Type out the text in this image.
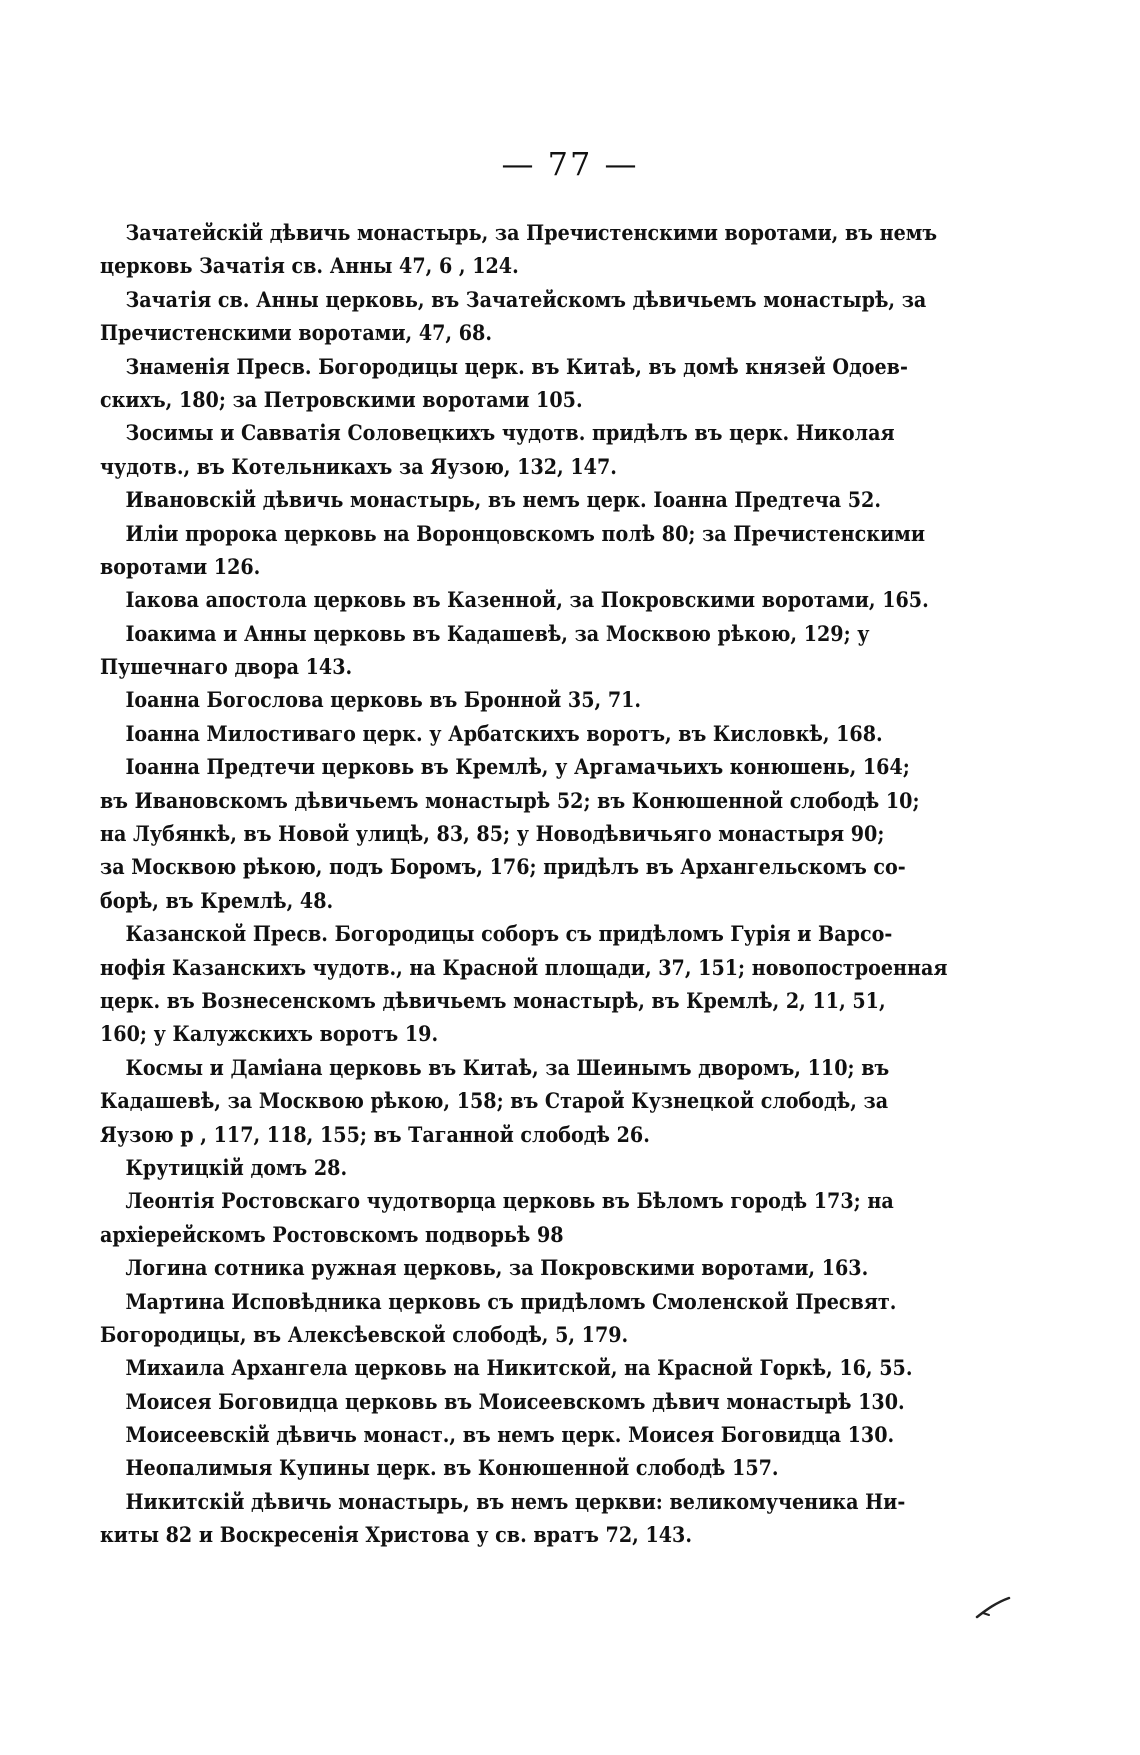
— 77 —

Зачатейскій дѣвичь монастырь, за Пречистенскими воротами, въ немъ
церковь Зачатія св. Анны 47, 6 , 124.

Зачатія св. Анны церковь, въ Зачатейскомъ дѣвичьемъ монастырѣ, за
Пречистенскими воротами, 47, 68.

Знаменія Пресв. Богородицы церк. въ Китаѣ, въ домѣ князей Одоев-
скихъ, 180; за Петровскими воротами 105.

Зосимы и Савватія Соловецкихъ чудотв. придѣлъ въ церк. Николая
чудотв., въ Котельникахъ за Яузою, 132, 147.

Ивановскій дѣвичь монастырь, въ немъ церк. Іоанна Предтеча 52.

Иліи пророка церковь на Воронцовскомъ полѣ 80; за Пречистенскими
воротами 126.

Іакова апостола церковь въ Казенной, за Покровскими воротами, 165.

Іоакима и Анны церковь въ Кадашевѣ, за Москвою рѣкою, 129; у
Пушечнаго двора 143.

Іоанна Богослова церковь въ Бронной 35, 71.

Іоанна Милостиваго церк. у Арбатскихъ воротъ, въ Кисловкѣ, 168.

Іоанна Предтечи церковь въ Кремлѣ, у Аргамачьихъ конюшень, 164;
въ Ивановскомъ дѣвичьемъ монастырѣ 52; въ Конюшенной слободѣ 10;
на Лубянкѣ, въ Новой улицѣ, 83, 85; у Новодѣвичьяго монастыря 90;
за Москвою рѣкою, подъ Боромъ, 176; придѣлъ въ Архангельскомъ со-
борѣ, въ Кремлѣ, 48.

Казанской Пресв. Богородицы соборъ съ придѣломъ Гурія и Варсо-
нофія Казанскихъ чудотв., на Красной площади, 37, 151; новопостроенная
церк. въ Вознесенскомъ дѣвичьемъ монастырѣ, въ Кремлѣ, 2, 11, 51,
160; у Калужскихъ воротъ 19.

Космы и Даміана церковь въ Китаѣ, за Шеинымъ дворомъ, 110; въ
Кадашевѣ, за Москвою рѣкою, 158; въ Старой Кузнецкой слободѣ, за
Яузою р , 117, 118, 155; въ Таганной слободѣ 26.

Крутицкій домъ 28.

Леонтія Ростовскаго чудотворца церковь въ Бѣломъ городѣ 173; на
архіерейскомъ Ростовскомъ подворьѣ 98

Логина сотника ружная церковь, за Покровскими воротами, 163.

Мартина Исповѣдника церковь съ придѣломъ Смоленской Пресвят.
Богородицы, въ Алексѣевской слободѣ, 5, 179.

Михаила Архангела церковь на Никитской, на Красной Горкѣ, 16, 55.

Моисея Боговидца церковь въ Моисеевскомъ дѣвич монастырѣ 130.

Моисеевскій дѣвичь монаст., въ немъ церк. Моисея Боговидца 130.

Неопалимыя Купины церк. въ Конюшенной слободѣ 157.

Никитскій дѣвичь монастырь, въ немъ церкви: великомученика Ни-
киты 82 и Воскресенія Христова у св. вратъ 72, 143.
